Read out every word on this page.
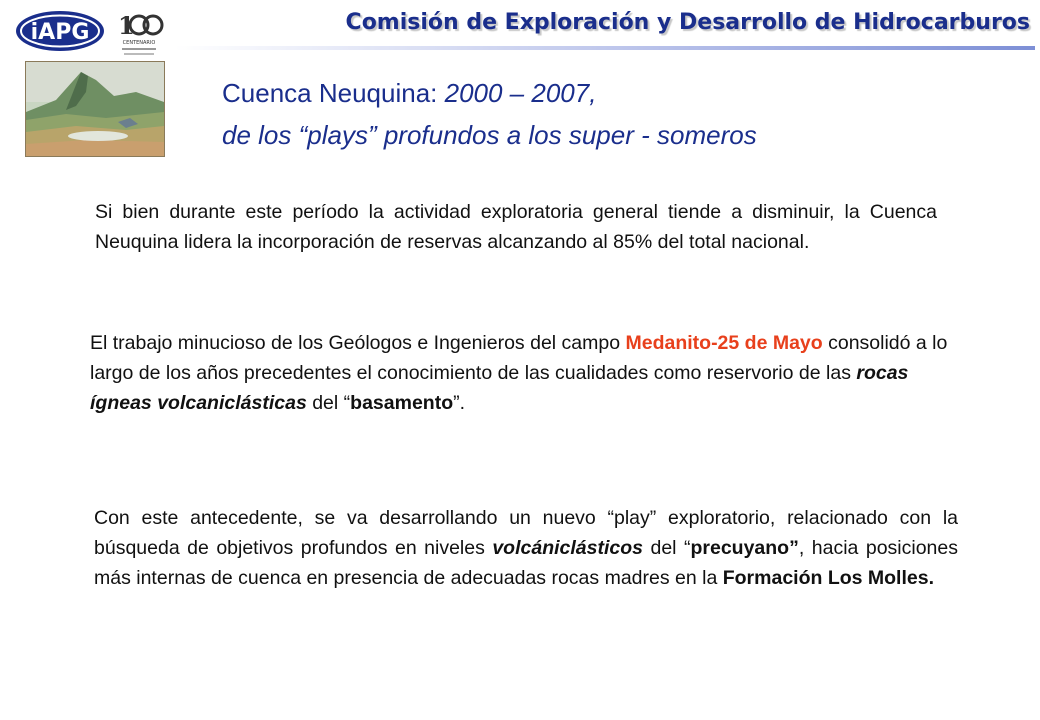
iAPG 1
CENTENARIO
Comisión de Exploración y Desarrollo de Hidrocarburos
Cuenca Neuquina: 2000 – 2007,
de los “plays” profundos a los super - someros
Si bien durante este período la actividad exploratoria general tiende a disminuir, la Cuenca Neuquina lidera la incorporación de reservas alcanzando al 85% del total nacional.
El trabajo minucioso de los Geólogos e Ingenieros del campo Medanito-25 de Mayo consolidó a lo largo de los años precedentes el conocimiento de las cualidades como reservorio de las rocas ígneas volcaniclásticas del “basamento”.
Con este antecedente, se va desarrollando un nuevo “play” exploratorio, relacionado con la búsqueda de objetivos profundos en niveles volcániclásticos del “precuyano”, hacia posiciones más internas de cuenca en presencia de adecuadas rocas madres en la Formación Los Molles.
